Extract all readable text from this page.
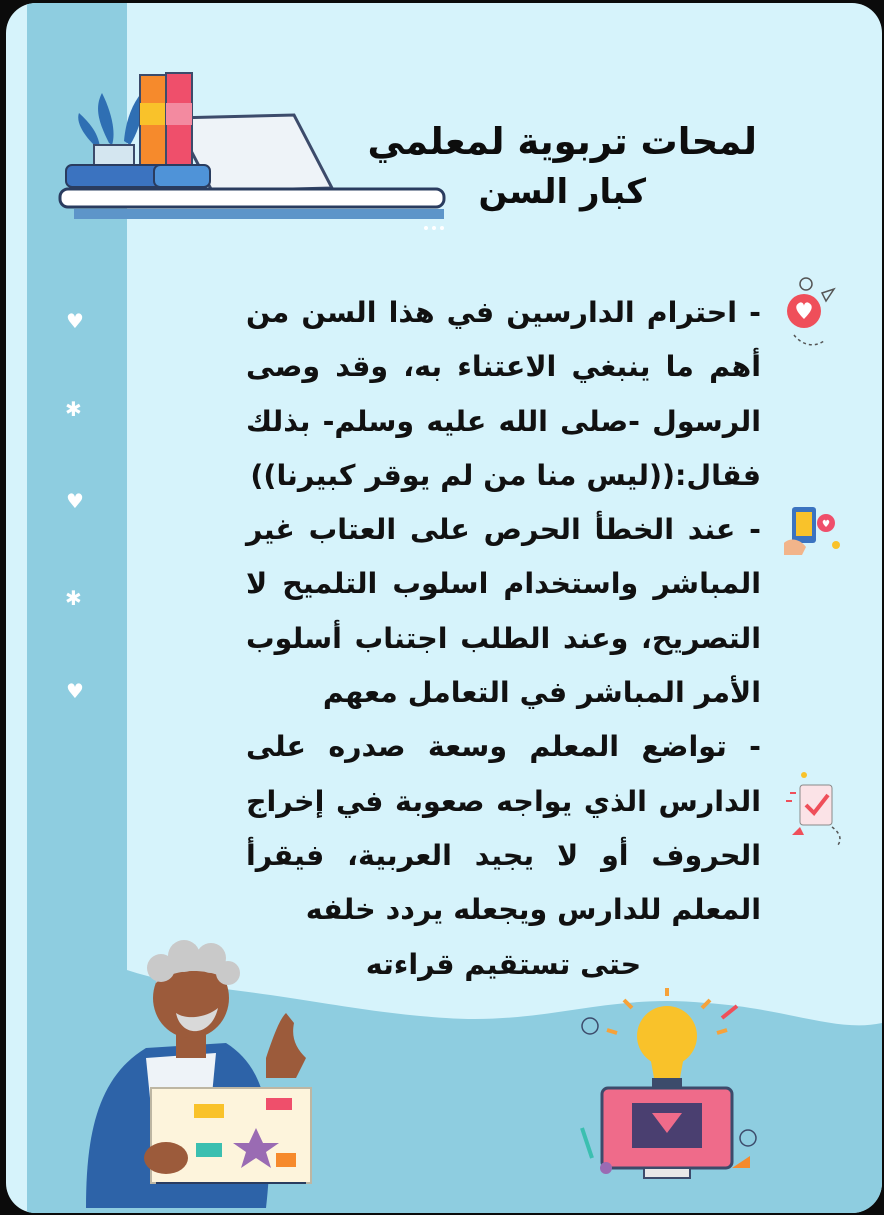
لمحات تربوية لمعلمي
كبار السن
♥
✱
♥
✱
♥

- احترام الدارسين في هذا السن من أهم ما ينبغي الاعتناء به، وقد وصى الرسول -صلى الله عليه وسلم- بذلك فقال:((ليس منا من لم يوقر كبيرنا))

- عند الخطأ الحرص على العتاب غير المباشر واستخدام اسلوب التلميح لا التصريح، وعند الطلب اجتناب أسلوب الأمر المباشر في التعامل معهم

- تواضع المعلم وسعة صدره على الدارس الذي يواجه صعوبة في إخراج الحروف أو لا يجيد العربية، فيقرأ المعلم للدارس ويجعله يردد خلفه

حتى تستقيم قراءته
